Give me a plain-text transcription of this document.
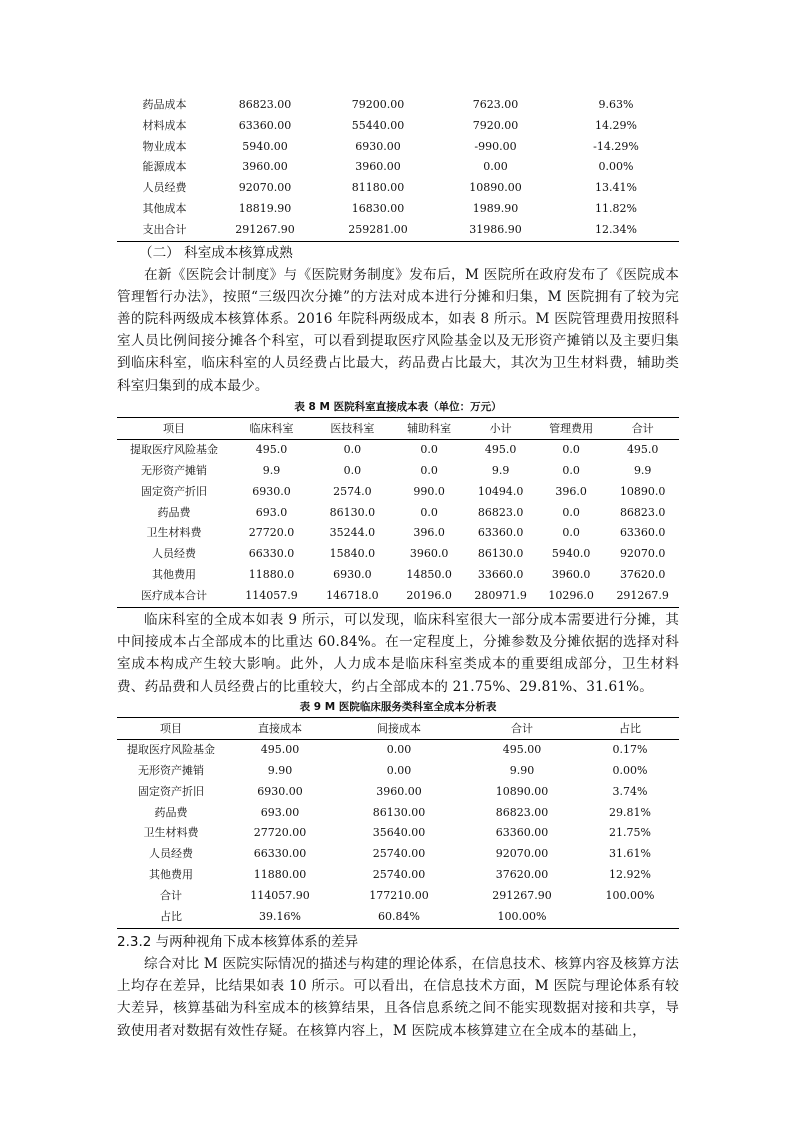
药品成本	86823.00	79200.00	7623.00	9.63%
材料成本	63360.00	55440.00	7920.00	14.29%
物业成本	5940.00	6930.00	-990.00	-14.29%
能源成本	3960.00	3960.00	0.00	0.00%
人员经费	92070.00	81180.00	10890.00	13.41%
其他成本	18819.90	16830.00	1989.90	11.82%
支出合计	291267.90	259281.00	31986.90	12.34%
（二） 科室成本核算成熟

在新《医院会计制度》与《医院财务制度》发布后，M 医院所在政府发布了《医院成本管理暂行办法》，按照“三级四次分摊”的方法对成本进行分摊和归集，M 医院拥有了较为完善的院科两级成本核算体系。2016 年院科两级成本，如表 8 所示。M 医院管理费用按照科室人员比例间接分摊各个科室，可以看到提取医疗风险基金以及无形资产摊销以及主要归集到临床科室，临床科室的人员经费占比最大，药品费占比最大，其次为卫生材料费，辅助类科室归集到的成本最少。

表 8 M 医院科室直接成本表（单位：万元）
项目	临床科室	医技科室	辅助科室	小计	管理费用	合计
提取医疗风险基金	495.0	0.0	0.0	495.0	0.0	495.0
无形资产摊销	9.9	0.0	0.0	9.9	0.0	9.9
固定资产折旧	6930.0	2574.0	990.0	10494.0	396.0	10890.0
药品费	693.0	86130.0	0.0	86823.0	0.0	86823.0
卫生材料费	27720.0	35244.0	396.0	63360.0	0.0	63360.0
人员经费	66330.0	15840.0	3960.0	86130.0	5940.0	92070.0
其他费用	11880.0	6930.0	14850.0	33660.0	3960.0	37620.0
医疗成本合计	114057.9	146718.0	20196.0	280971.9	10296.0	291267.9

临床科室的全成本如表 9 所示，可以发现，临床科室很大一部分成本需要进行分摊，其中间接成本占全部成本的比重达 60.84%。在一定程度上，分摊参数及分摊依据的选择对科室成本构成产生较大影响。此外，人力成本是临床科室类成本的重要组成部分，卫生材料费、药品费和人员经费占的比重较大，约占全部成本的 21.75%、29.81%、31.61%。

表 9 M 医院临床服务类科室全成本分析表
项目	直接成本	间接成本	合计	占比
提取医疗风险基金	495.00	0.00	495.00	0.17%
无形资产摊销	9.90	0.00	9.90	0.00%
固定资产折旧	6930.00	3960.00	10890.00	3.74%
药品费	693.00	86130.00	86823.00	29.81%
卫生材料费	27720.00	35640.00	63360.00	21.75%
人员经费	66330.00	25740.00	92070.00	31.61%
其他费用	11880.00	25740.00	37620.00	12.92%
合计	114057.90	177210.00	291267.90	100.00%
占比	39.16%	60.84%	100.00%	
2.3.2 与两种视角下成本核算体系的差异

综合对比 M 医院实际情况的描述与构建的理论体系，在信息技术、核算内容及核算方法上均存在差异，比结果如表 10 所示。可以看出，在信息技术方面，M 医院与理论体系有较大差异，核算基础为科室成本的核算结果，且各信息系统之间不能实现数据对接和共享，导致使用者对数据有效性存疑。在核算内容上，M 医院成本核算建立在全成本的基础上，
